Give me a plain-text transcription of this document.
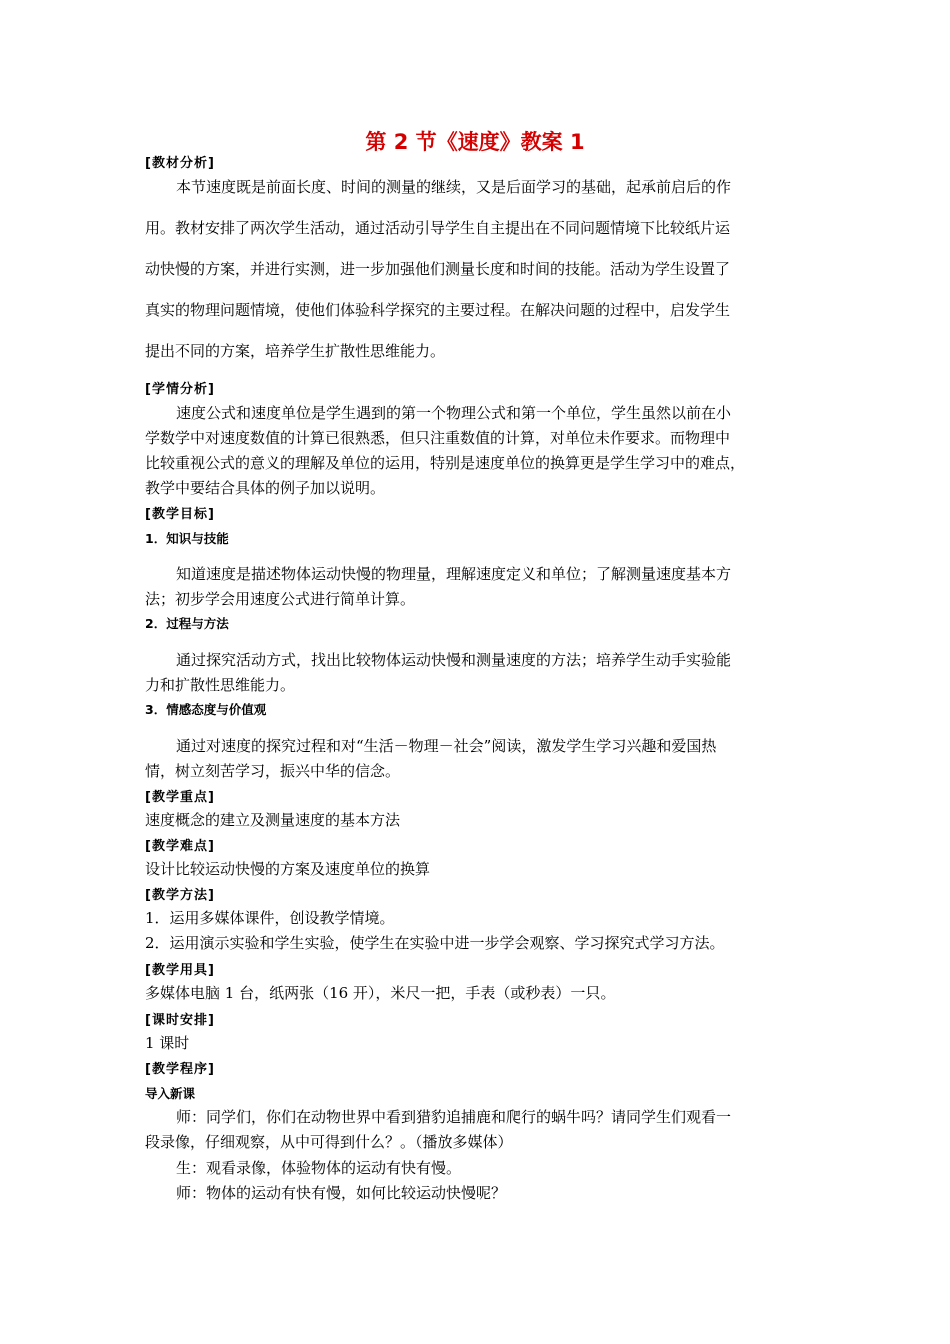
第 2 节《速度》教案 1
[教材分析]
本节速度既是前面长度、时间的测量的继续，又是后面学习的基础，起承前启后的作
用。教材安排了两次学生活动，通过活动引导学生自主提出在不同问题情境下比较纸片运
动快慢的方案，并进行实测，进一步加强他们测量长度和时间的技能。活动为学生设置了
真实的物理问题情境，使他们体验科学探究的主要过程。在解决问题的过程中，启发学生
提出不同的方案，培养学生扩散性思维能力。
[学情分析]
速度公式和速度单位是学生遇到的第一个物理公式和第一个单位，学生虽然以前在小
学数学中对速度数值的计算已很熟悉，但只注重数值的计算，对单位未作要求。而物理中
比较重视公式的意义的理解及单位的运用，特别是速度单位的换算更是学生学习中的难点，
教学中要结合具体的例子加以说明。
[教学目标]
1．知识与技能
知道速度是描述物体运动快慢的物理量，理解速度定义和单位；了解测量速度基本方
法；初步学会用速度公式进行简单计算。
2．过程与方法
通过探究活动方式，找出比较物体运动快慢和测量速度的方法；培养学生动手实验能
力和扩散性思维能力。
3．情感态度与价值观
通过对速度的探究过程和对“生活－物理－社会”阅读，激发学生学习兴趣和爱国热
情，树立刻苦学习，振兴中华的信念。
[教学重点]
速度概念的建立及测量速度的基本方法
[教学难点]
设计比较运动快慢的方案及速度单位的换算
[教学方法]
1．运用多媒体课件，创设教学情境。
2．运用演示实验和学生实验，使学生在实验中进一步学会观察、学习探究式学习方法。
[教学用具]
多媒体电脑 1 台，纸两张（16 开），米尺一把，手表（或秒表）一只。
[课时安排]
1 课时
[教学程序]
导入新课
师：同学们，你们在动物世界中看到猎豹追捕鹿和爬行的蜗牛吗？请同学生们观看一
段录像，仔细观察，从中可得到什么？。（播放多媒体）
生：观看录像，体验物体的运动有快有慢。
师：物体的运动有快有慢，如何比较运动快慢呢？
